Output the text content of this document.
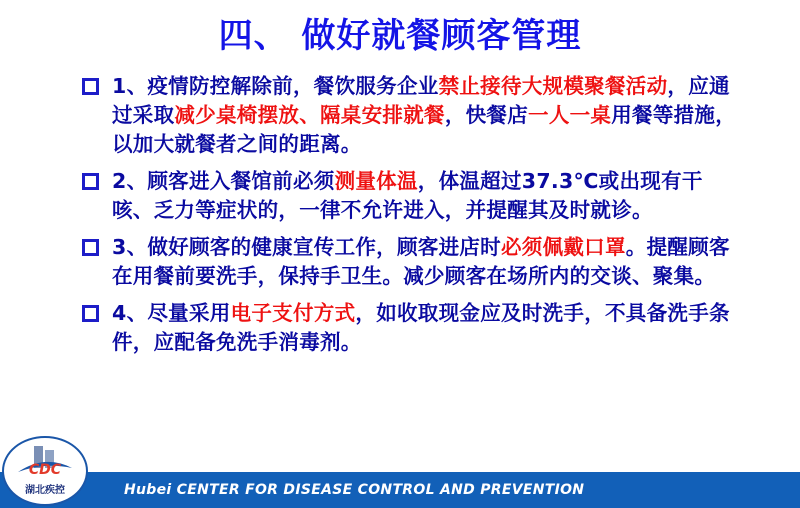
四、 做好就餐顾客管理
1、疫情防控解除前，餐饮服务企业禁止接待大规模聚餐活动，应通过采取减少桌椅摆放、隔桌安排就餐，快餐店一人一桌用餐等措施，以加大就餐者之间的距离。
2、顾客进入餐馆前必须测量体温，体温超过37.3℃或出现有干咳、乏力等症状的，一律不允许进入，并提醒其及时就诊。
3、做好顾客的健康宣传工作，顾客进店时必须佩戴口罩。提醒顾客在用餐前要洗手，保持手卫生。减少顾客在场所内的交谈、聚集。
4、尽量采用电子支付方式，如收取现金应及时洗手，不具备洗手条件，应配备免洗手消毒剂。
Hubei CENTER FOR DISEASE CONTROL AND PREVENTION
CDC
湖北疾控
